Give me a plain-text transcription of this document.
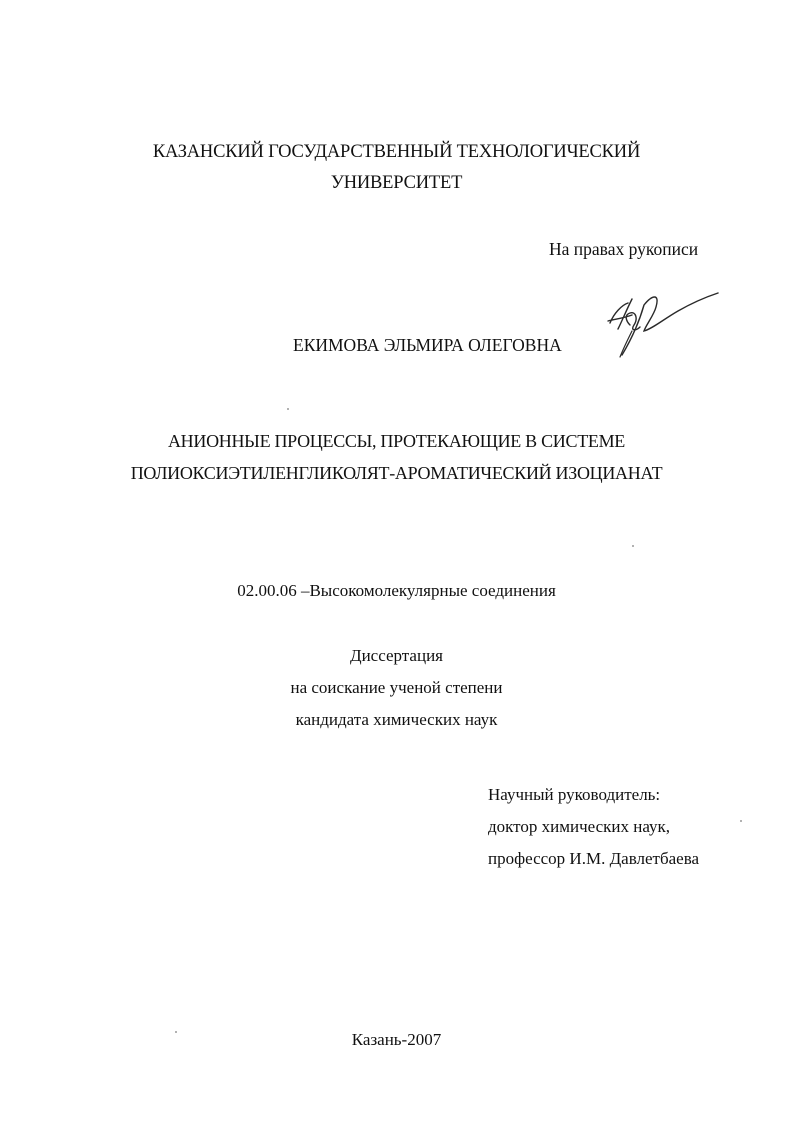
КАЗАНСКИЙ ГОСУДАРСТВЕННЫЙ ТЕХНОЛОГИЧЕСКИЙ
УНИВЕРСИТЕТ
На правах рукописи
ЕКИМОВА ЭЛЬМИРА ОЛЕГОВНА
АНИОННЫЕ ПРОЦЕССЫ, ПРОТЕКАЮЩИЕ В СИСТЕМЕ
ПОЛИОКСИЭТИЛЕНГЛИКОЛЯТ-АРОМАТИЧЕСКИЙ ИЗОЦИАНАТ
02.00.06 –Высокомолекулярные соединения
Диссертация
на соискание ученой степени
кандидата химических наук
Научный руководитель:
доктор химических наук,
профессор И.М. Давлетбаева
Казань-2007
